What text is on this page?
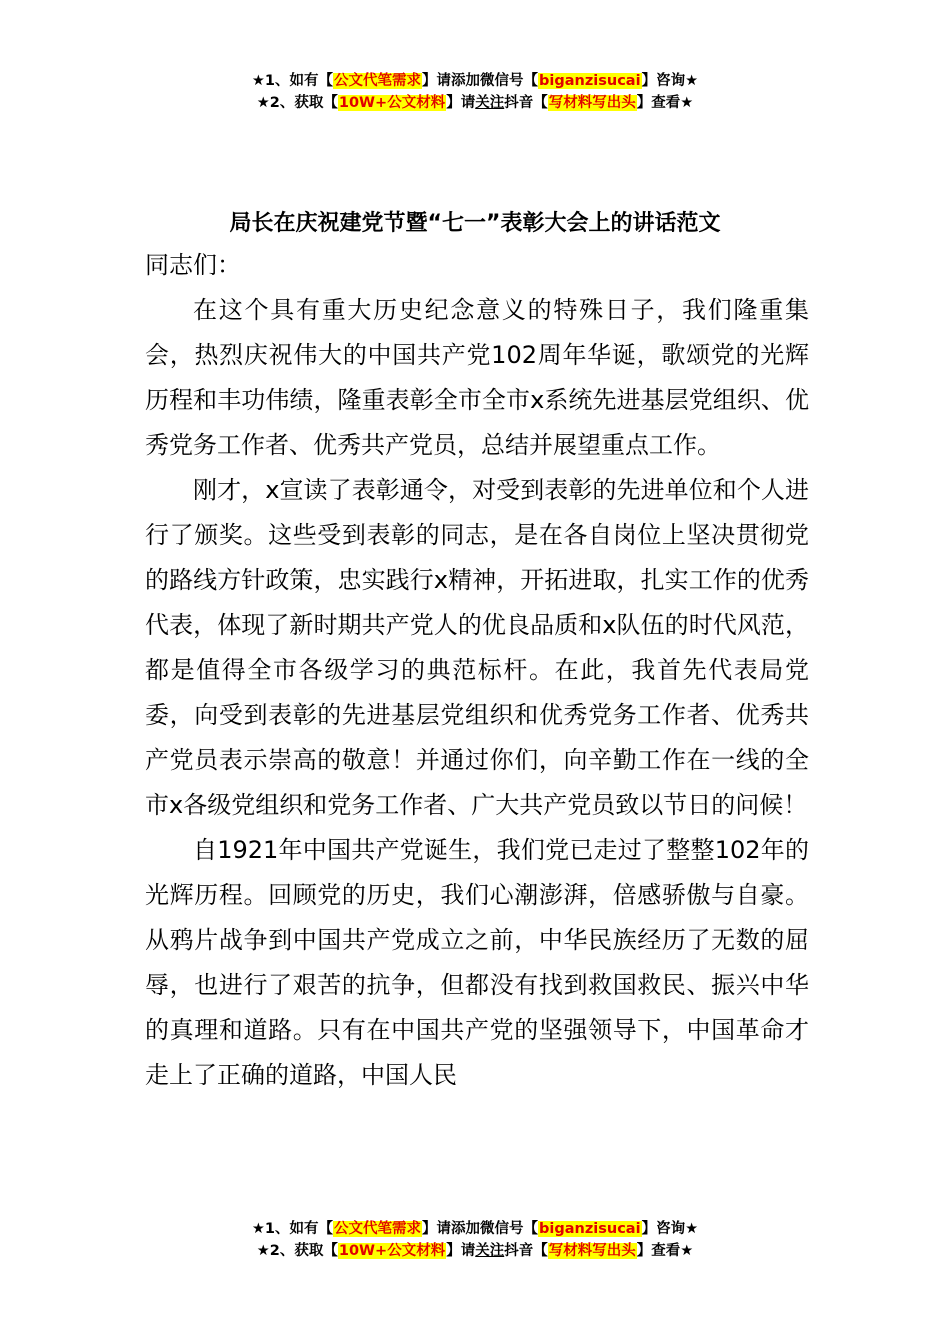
★1、如有【公文代笔需求】请添加微信号【biganzisucai】咨询★
★2、获取【10W+公文材料】请关注抖音【写材料写出头】查看★
局长在庆祝建党节暨“七一”表彰大会上的讲话范文

同志们：

在这个具有重大历史纪念意义的特殊日子，我们隆重集会，热烈庆祝伟大的中国共产党102周年华诞，歌颂党的光辉历程和丰功伟绩，隆重表彰全市全市x系统先进基层党组织、优秀党务工作者、优秀共产党员，总结并展望重点工作。

刚才，x宣读了表彰通令，对受到表彰的先进单位和个人进行了颁奖。这些受到表彰的同志，是在各自岗位上坚决贯彻党的路线方针政策，忠实践行x精神，开拓进取，扎实工作的优秀代表，体现了新时期共产党人的优良品质和x队伍的时代风范，都是值得全市各级学习的典范标杆。在此，我首先代表局党委，向受到表彰的先进基层党组织和优秀党务工作者、优秀共产党员表示崇高的敬意！并通过你们，向辛勤工作在一线的全市x各级党组织和党务工作者、广大共产党员致以节日的问候！

自1921年中国共产党诞生，我们党已走过了整整102年的光辉历程。回顾党的历史，我们心潮澎湃，倍感骄傲与自豪。从鸦片战争到中国共产党成立之前，中华民族经历了无数的屈辱，也进行了艰苦的抗争，但都没有找到救国救民、振兴中华的真理和道路。只有在中国共产党的坚强领导下，中国革命才走上了正确的道路，中国人民

★1、如有【公文代笔需求】请添加微信号【biganzisucai】咨询★
★2、获取【10W+公文材料】请关注抖音【写材料写出头】查看★
